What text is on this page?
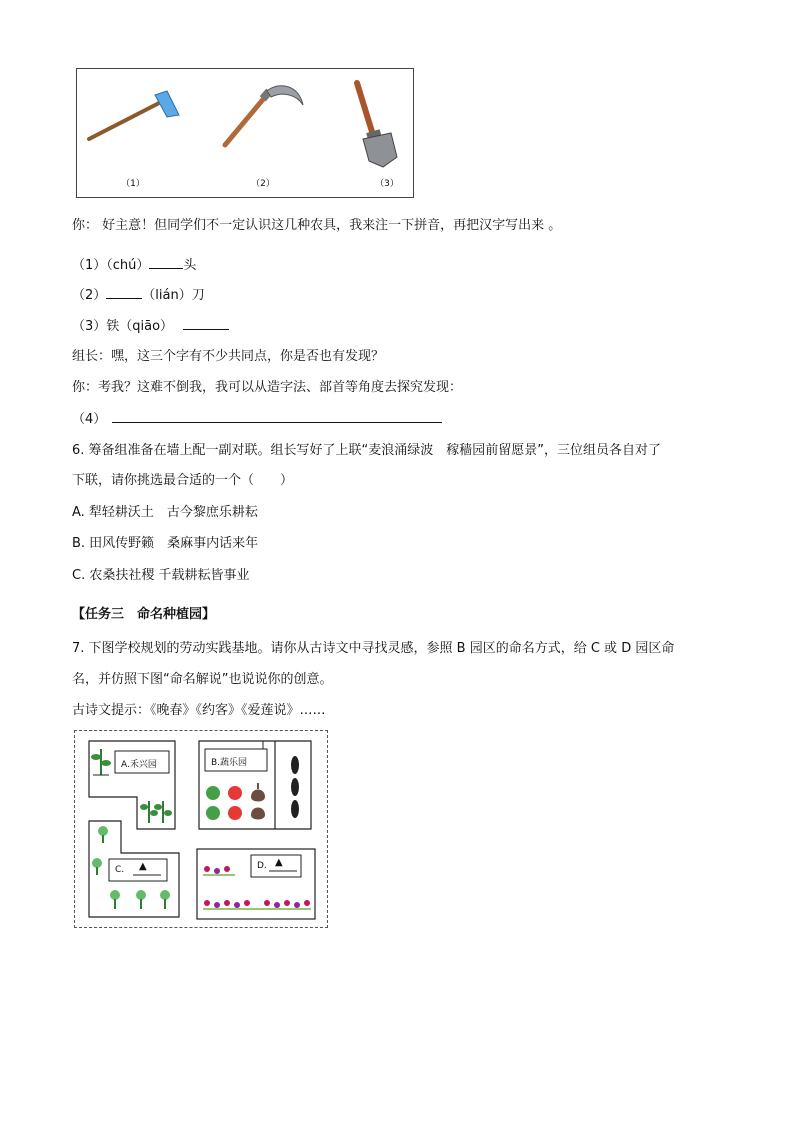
（1）	（2）	（3）
你： 好主意！但同学们不一定认识这几种农具，我来注一下拼音，再把汉字写出来 。
（1）（chú）	头
（2）	（lián）刀
（3）铁（qiāo）
组长：嘿，这三个字有不少共同点，你是否也有发现？
你：考我？这难不倒我，我可以从造字法、部首等角度去探究发现：
（4）
6. 筹备组准备在墙上配一副对联。组长写好了上联“麦浪涌绿波　稼穑园前留愿景”，三位组员各自对了
下联，请你挑选最合适的一个（　　）
A. 犁轻耕沃土　古今黎庶乐耕耘
B. 田风传野籁　桑麻事内话来年
C. 农桑扶社稷 千载耕耘皆事业
【任务三　命名种植园】
7. 下图学校规划的劳动实践基地。请你从古诗文中寻找灵感，参照 B 园区的命名方式，给 C 或 D 园区命
名，并仿照下图“命名解说”也说说你的创意。
古诗文提示：《晚春》《约客》《爱莲说》……
A.禾兴园	B.蔬乐园
C. ▲	D. ▲
